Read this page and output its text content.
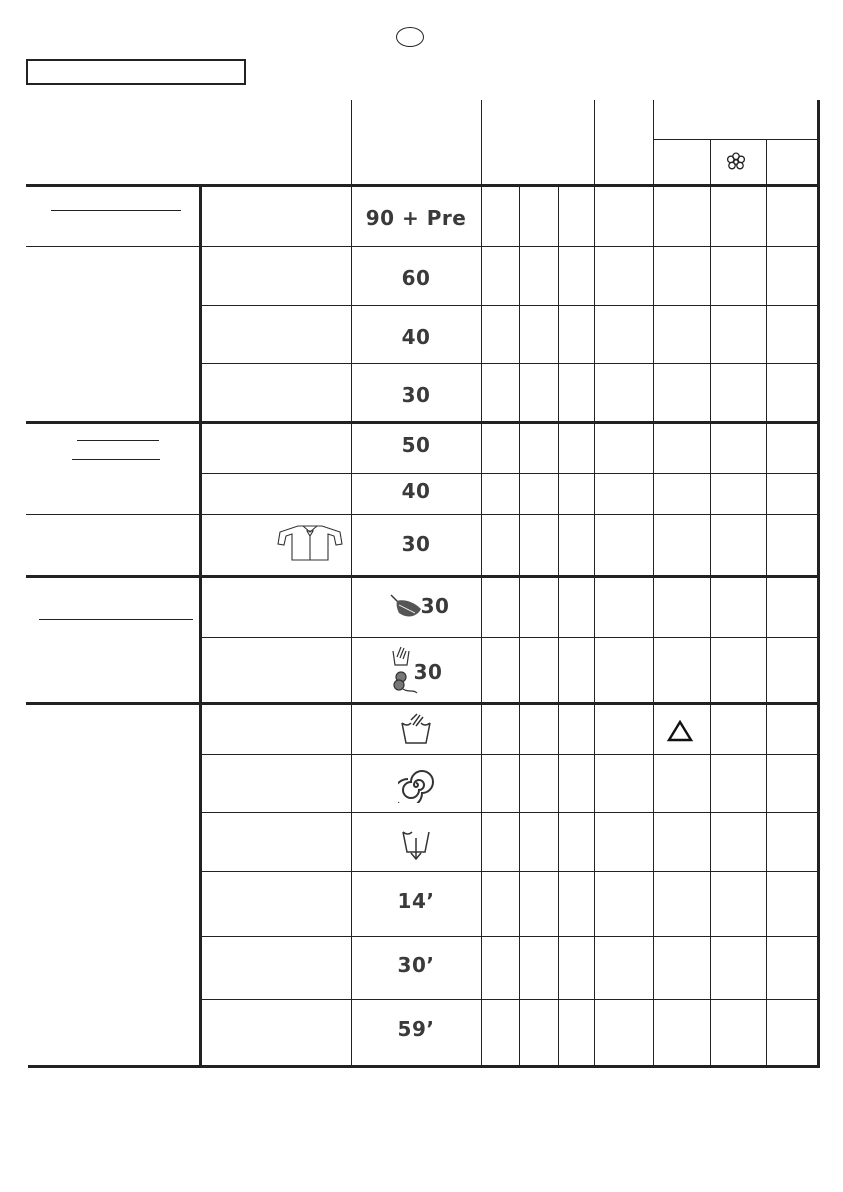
90 + Pre
60
40
30
50
40
30
30
30
14’
30’
59’
